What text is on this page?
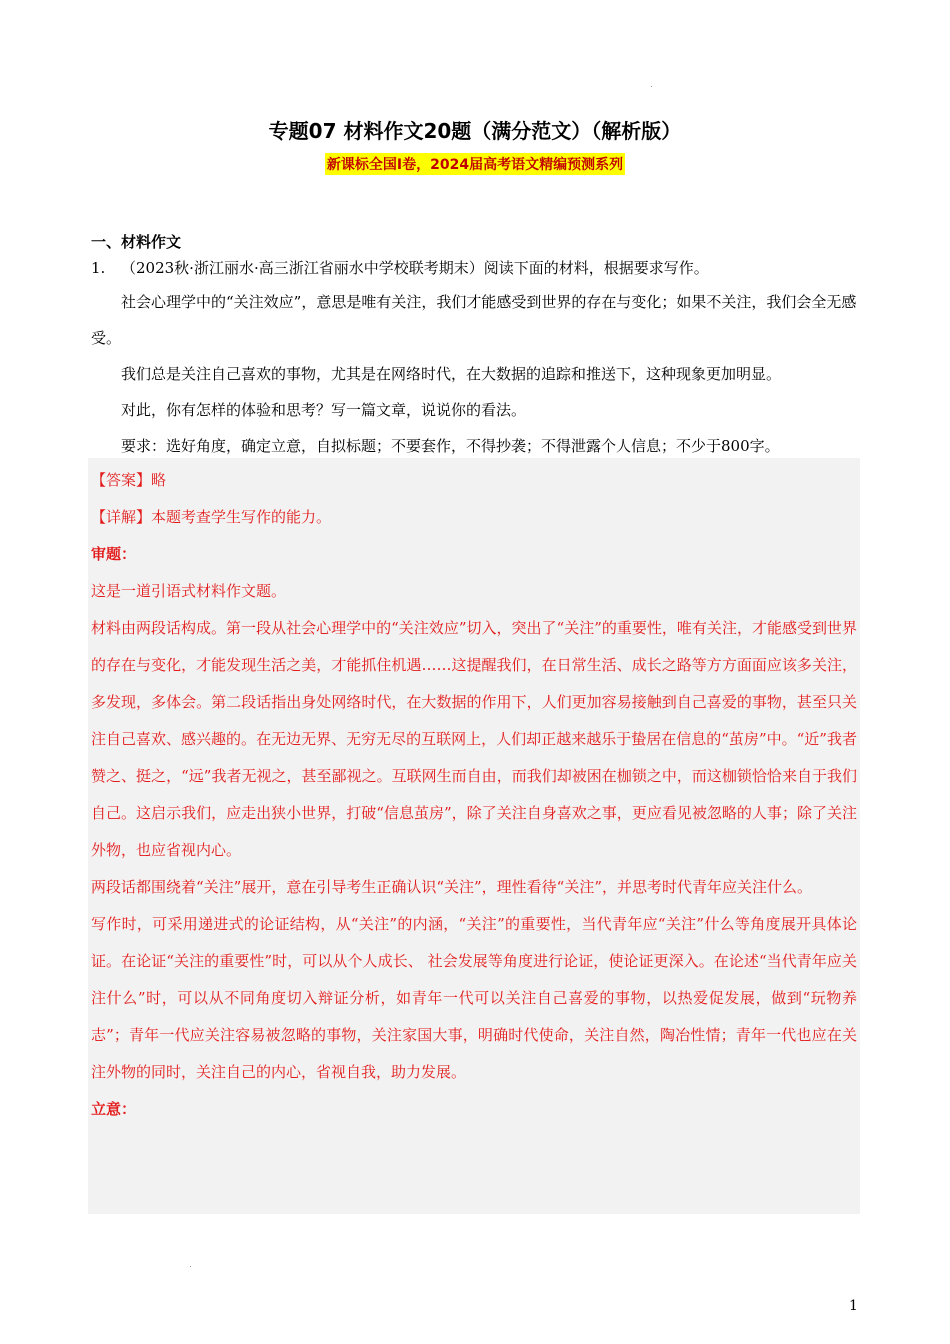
专题07 材料作文20题（满分范文）（解析版）
新课标全国Ⅰ卷，2024届高考语文精编预测系列
一、材料作文
1. （2023秋·浙江丽水·高三浙江省丽水中学校联考期末）阅读下面的材料，根据要求写作。

社会心理学中的“关注效应”，意思是唯有关注，我们才能感受到世界的存在与变化；如果不关注，我们会全无感受。

我们总是关注自己喜欢的事物，尤其是在网络时代，在大数据的追踪和推送下，这种现象更加明显。

对此，你有怎样的体验和思考？写一篇文章，说说你的看法。

要求：选好角度，确定立意，自拟标题；不要套作，不得抄袭；不得泄露个人信息；不少于800字。

【答案】略

【详解】本题考查学生写作的能力。

审题：

这是一道引语式材料作文题。

材料由两段话构成。第一段从社会心理学中的“关注效应”切入，突出了“关注”的重要性，唯有关注，才能感受到世界的存在与变化，才能发现生活之美，才能抓住机遇……这提醒我们，在日常生活、成长之路等方方面面应该多关注，多发现，多体会。第二段话指出身处网络时代，在大数据的作用下，人们更加容易接触到自己喜爱的事物，甚至只关注自己喜欢、感兴趣的。在无边无界、无穷无尽的互联网上，人们却正越来越乐于蛰居在信息的“茧房”中。“近”我者赞之、挺之，“远”我者无视之，甚至鄙视之。互联网生而自由，而我们却被困在枷锁之中，而这枷锁恰恰来自于我们自己。这启示我们，应走出狭小世界，打破“信息茧房”，除了关注自身喜欢之事，更应看见被忽略的人事；除了关注外物，也应省视内心。

两段话都围绕着“关注”展开，意在引导考生正确认识“关注”，理性看待“关注”，并思考时代青年应关注什么。

写作时，可采用递进式的论证结构，从“关注”的内涵，“关注”的重要性，当代青年应“关注”什么等角度展开具体论证。在论证“关注的重要性”时，可以从个人成长、 社会发展等角度进行论证，使论证更深入。在论述“当代青年应关注什么”时，可以从不同角度切入辩证分析，如青年一代可以关注自己喜爱的事物，以热爱促发展，做到“玩物养志”；青年一代应关注容易被忽略的事物，关注家国大事，明确时代使命，关注自然，陶冶性情；青年一代也应在关注外物的同时，关注自己的内心，省视自我，助力发展。

立意：

1
